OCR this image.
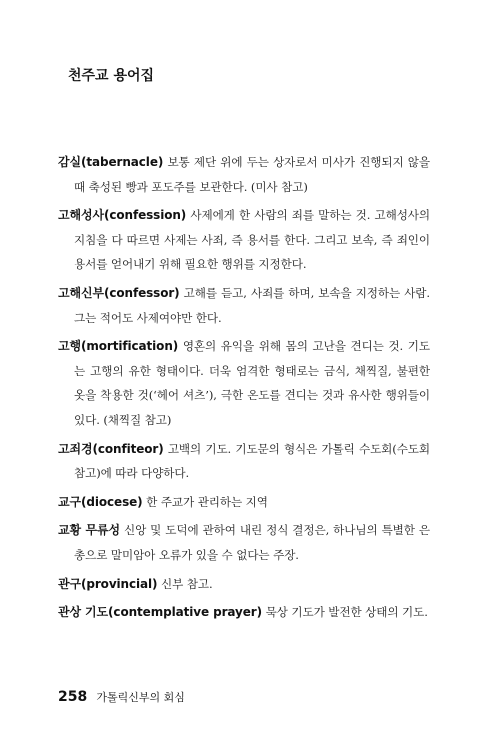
천주교 용어집
감실(tabernacle) 보통 제단 위에 두는 상자로서 미사가 진행되지 않을 때 축성된 빵과 포도주를 보관한다. (미사 참고)
고해성사(confession) 사제에게 한 사람의 죄를 말하는 것. 고해성사의 지침을 다 따르면 사제는 사죄, 즉 용서를 한다. 그리고 보속, 즉 죄인이 용서를 얻어내기 위해 필요한 행위를 지정한다.
고해신부(confessor) 고해를 듣고, 사죄를 하며, 보속을 지정하는 사람. 그는 적어도 사제여야만 한다.
고행(mortification) 영혼의 유익을 위해 몸의 고난을 견디는 것. 기도는 고행의 유한 형태이다. 더욱 엄격한 형태로는 금식, 채찍질, 불편한 옷을 착용한 것(‘헤어 셔츠’), 극한 온도를 견디는 것과 유사한 행위들이 있다. (채찍질 참고)
고죄경(confiteor) 고백의 기도. 기도문의 형식은 가톨릭 수도회(수도회 참고)에 따라 다양하다.
교구(diocese) 한 주교가 관리하는 지역
교황 무류성 신앙 및 도덕에 관하여 내린 정식 결정은, 하나님의 특별한 은총으로 말미암아 오류가 있을 수 없다는 주장.
관구(provincial) 신부 참고.
관상 기도(contemplative prayer) 묵상 기도가 발전한 상태의 기도.
258 가톨릭신부의 회심
